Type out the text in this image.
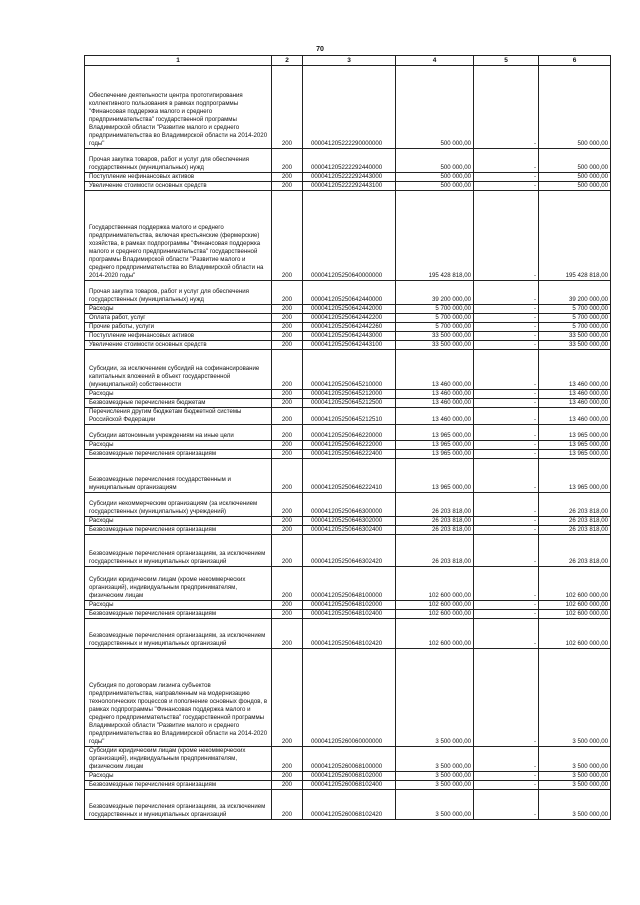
70
1	2	3	4	5	6
Обеспечение деятельности центра прототипирования коллективного пользования в рамках подпрограммы "Финансовая поддержка малого и среднего предпринимательства" государственной программы Владимирской области "Развитие малого и среднего предпринимательства во Владимирской области на 2014-2020 годы"	200	000041205222290000000	500 000,00	-	500 000,00
Прочая закупка товаров, работ и услуг для обеспечения государственных (муниципальных) нужд	200	000041205222292440000	500 000,00	-	500 000,00
Поступление нефинансовых активов	200	000041205222292443000	500 000,00	-	500 000,00
Увеличение стоимости основных средств	200	000041205222292443100	500 000,00	-	500 000,00
Государственная поддержка малого и среднего предпринимательства, включая крестьянские (фермерские) хозяйства, в рамках подпрограммы "Финансовая поддержка малого и среднего предпринимательства" государственной программы Владимирской области "Развитие малого и среднего предпринимательства во Владимирской области на 2014-2020 годы"	200	000041205250640000000	195 428 818,00	-	195 428 818,00
Прочая закупка товаров, работ и услуг для обеспечения государственных (муниципальных) нужд	200	000041205250642440000	39 200 000,00	-	39 200 000,00
Расходы	200	000041205250642442000	5 700 000,00	-	5 700 000,00
Оплата работ, услуг	200	000041205250642442200	5 700 000,00	-	5 700 000,00
Прочие работы, услуги	200	000041205250642442260	5 700 000,00	-	5 700 000,00
Поступление нефинансовых активов	200	000041205250642443000	33 500 000,00	-	33 500 000,00
Увеличение стоимости основных средств	200	000041205250642443100	33 500 000,00	-	33 500 000,00
Субсидии, за исключением субсидий на софинансирование капитальных вложений в объект государственной (муниципальной) собственности	200	000041205250645210000	13 460 000,00	-	13 460 000,00
Расходы	200	000041205250645212000	13 460 000,00	-	13 460 000,00
Безвозмездные перечисления бюджетам	200	000041205250645212500	13 460 000,00	-	13 460 000,00
Перечисления другим бюджетам бюджетной системы Российской Федерации	200	000041205250645212510	13 460 000,00	-	13 460 000,00
Субсидии автономным учреждениям на иные цели	200	000041205250646220000	13 965 000,00	-	13 965 000,00
Расходы	200	000041205250646222000	13 965 000,00	-	13 965 000,00
Безвозмездные перечисления организациям	200	000041205250646222400	13 965 000,00	-	13 965 000,00
Безвозмездные перечисления государственным и муниципальным организациям	200	000041205250646222410	13 965 000,00	-	13 965 000,00
Субсидии некоммерческим организациям (за исключением государственных (муниципальных) учреждений)	200	000041205250646300000	26 203 818,00	-	26 203 818,00
Расходы	200	000041205250646302000	26 203 818,00	-	26 203 818,00
Безвозмездные перечисления организациям	200	000041205250646302400	26 203 818,00	-	26 203 818,00
Безвозмездные перечисления организациям, за исключением государственных и муниципальных организаций	200	000041205250646302420	26 203 818,00	-	26 203 818,00
Субсидии юридическим лицам (кроме некоммерческих организаций), индивидуальным предпринимателям, физическим лицам	200	000041205250648100000	102 600 000,00	-	102 600 000,00
Расходы	200	000041205250648102000	102 600 000,00	-	102 600 000,00
Безвозмездные перечисления организациям	200	000041205250648102400	102 600 000,00	-	102 600 000,00
Безвозмездные перечисления организациям, за исключением государственных и муниципальных организаций	200	000041205250648102420	102 600 000,00	-	102 600 000,00
Субсидия по договорам лизинга субъектов предпринимательства, направленным на модернизацию технологических процессов и пополнение основных фондов, в рамках подпрограммы "Финансовая поддержка малого и среднего предпринимательства" государственной программы Владимирской области "Развитие малого и среднего предпринимательства во Владимирской области на 2014-2020 годы"	200	000041205260060000000	3 500 000,00	-	3 500 000,00
Субсидии юридическим лицам (кроме некоммерческих организаций), индивидуальным предпринимателям, физическим лицам	200	000041205260068100000	3 500 000,00	-	3 500 000,00
Расходы	200	000041205260068102000	3 500 000,00	-	3 500 000,00
Безвозмездные перечисления организациям	200	000041205260068102400	3 500 000,00	-	3 500 000,00
Безвозмездные перечисления организациям, за исключением государственных и муниципальных организаций	200	000041205260068102420	3 500 000,00	-	3 500 000,00
